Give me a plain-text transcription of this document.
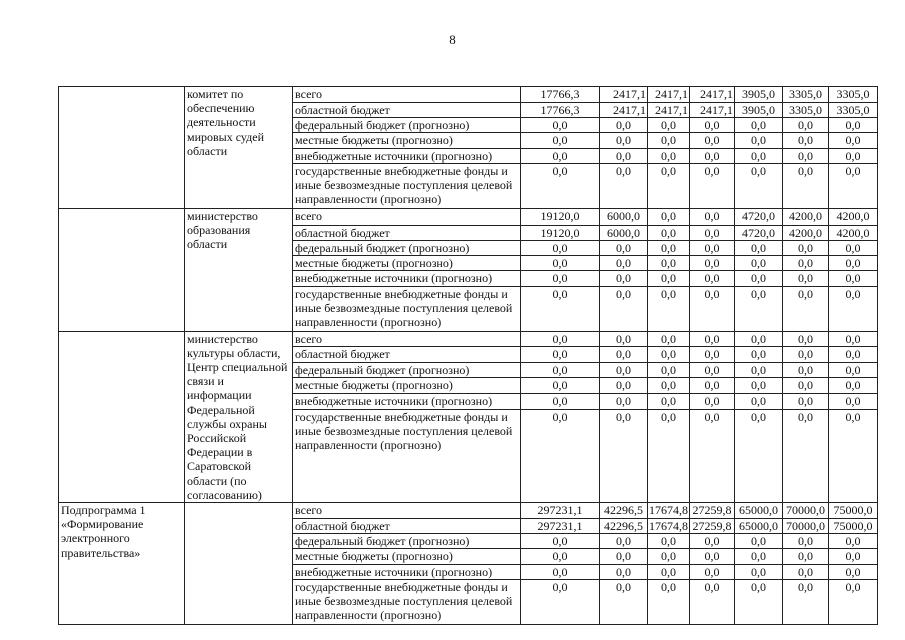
8
	комитет по обеспечению деятельности мировых судей области	всего	17766,3	2417,1	2417,1	2417,1	3905,0	3305,0	3305,0
		областной бюджет	17766,3	2417,1	2417,1	2417,1	3905,0	3305,0	3305,0
		федеральный бюджет (прогнозно)	0,0	0,0	0,0	0,0	0,0	0,0	0,0
		местные бюджеты (прогнозно)	0,0	0,0	0,0	0,0	0,0	0,0	0,0
		внебюджетные источники (прогнозно)	0,0	0,0	0,0	0,0	0,0	0,0	0,0
		государственные внебюджетные фонды и иные безвозмездные поступления целевой направленности (прогнозно)	0,0	0,0	0,0	0,0	0,0	0,0	0,0
	министерство образования области	всего	19120,0	6000,0	0,0	0,0	4720,0	4200,0	4200,0
		областной бюджет	19120,0	6000,0	0,0	0,0	4720,0	4200,0	4200,0
		федеральный бюджет (прогнозно)	0,0	0,0	0,0	0,0	0,0	0,0	0,0
		местные бюджеты (прогнозно)	0,0	0,0	0,0	0,0	0,0	0,0	0,0
		внебюджетные источники (прогнозно)	0,0	0,0	0,0	0,0	0,0	0,0	0,0
		государственные внебюджетные фонды и иные безвозмездные поступления целевой направленности (прогнозно)	0,0	0,0	0,0	0,0	0,0	0,0	0,0
	министерство культуры области, Центр специальной связи и информации Федеральной службы охраны Российской Федерации в Саратовской области (по согласованию)	всего	0,0	0,0	0,0	0,0	0,0	0,0	0,0
		областной бюджет	0,0	0,0	0,0	0,0	0,0	0,0	0,0
		федеральный бюджет (прогнозно)	0,0	0,0	0,0	0,0	0,0	0,0	0,0
		местные бюджеты (прогнозно)	0,0	0,0	0,0	0,0	0,0	0,0	0,0
		внебюджетные источники (прогнозно)	0,0	0,0	0,0	0,0	0,0	0,0	0,0
		государственные внебюджетные фонды и иные безвозмездные поступления целевой направленности (прогнозно)	0,0	0,0	0,0	0,0	0,0	0,0	0,0
Подпрограмма 1 «Формирование электронного правительства»		всего	297231,1	42296,5	17674,8	27259,8	65000,0	70000,0	75000,0
		областной бюджет	297231,1	42296,5	17674,8	27259,8	65000,0	70000,0	75000,0
		федеральный бюджет (прогнозно)	0,0	0,0	0,0	0,0	0,0	0,0	0,0
		местные бюджеты (прогнозно)	0,0	0,0	0,0	0,0	0,0	0,0	0,0
		внебюджетные источники (прогнозно)	0,0	0,0	0,0	0,0	0,0	0,0	0,0
		государственные внебюджетные фонды и иные безвозмездные поступления целевой направленности (прогнозно)	0,0	0,0	0,0	0,0	0,0	0,0	0,0
